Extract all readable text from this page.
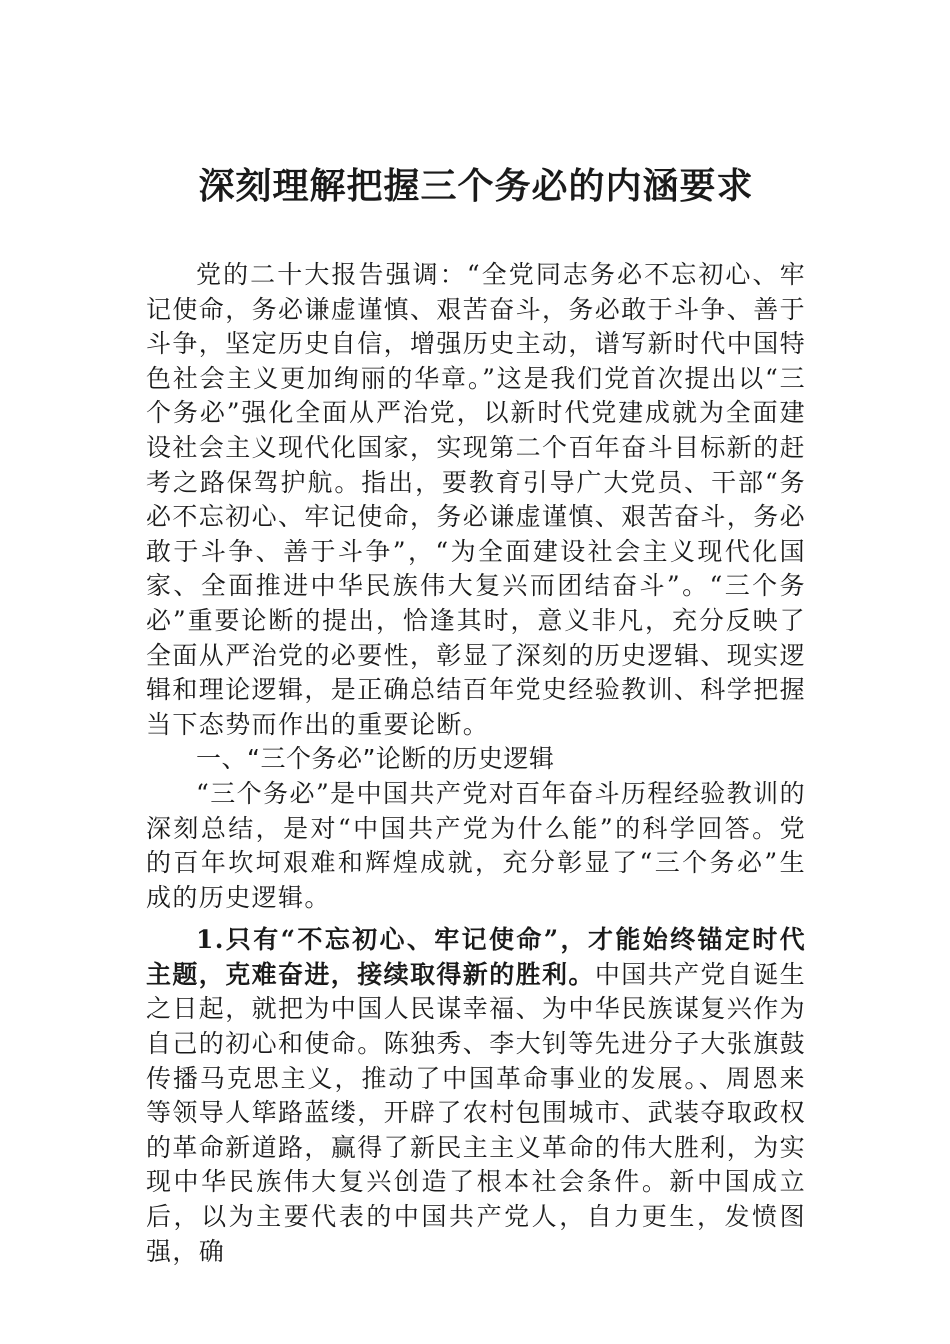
深刻理解把握三个务必的内涵要求

党的二十大报告强调：“全党同志务必不忘初心、牢记使命，务必谦虚谨慎、艰苦奋斗，务必敢于斗争、善于斗争，坚定历史自信，增强历史主动，谱写新时代中国特色社会主义更加绚丽的华章。”这是我们党首次提出以“三个务必”强化全面从严治党，以新时代党建成就为全面建设社会主义现代化国家，实现第二个百年奋斗目标新的赶考之路保驾护航。指出，要教育引导广大党员、干部“务必不忘初心、牢记使命，务必谦虚谨慎、艰苦奋斗，务必敢于斗争、善于斗争”，“为全面建设社会主义现代化国家、全面推进中华民族伟大复兴而团结奋斗”。“三个务必”重要论断的提出，恰逢其时，意义非凡，充分反映了全面从严治党的必要性，彰显了深刻的历史逻辑、现实逻辑和理论逻辑，是正确总结百年党史经验教训、科学把握当下态势而作出的重要论断。

一、“三个务必”论断的历史逻辑

“三个务必”是中国共产党对百年奋斗历程经验教训的深刻总结，是对“中国共产党为什么能”的科学回答。党的百年坎坷艰难和辉煌成就，充分彰显了“三个务必”生成的历史逻辑。

1.只有“不忘初心、牢记使命”，才能始终锚定时代主题，克难奋进，接续取得新的胜利。中国共产党自诞生之日起，就把为中国人民谋幸福、为中华民族谋复兴作为自己的初心和使命。陈独秀、李大钊等先进分子大张旗鼓传播马克思主义，推动了中国革命事业的发展。、周恩来等领导人筚路蓝缕，开辟了农村包围城市、武装夺取政权的革命新道路，赢得了新民主主义革命的伟大胜利，为实现中华民族伟大复兴创造了根本社会条件。新中国成立后，以为主要代表的中国共产党人，自力更生，发愤图强，确
